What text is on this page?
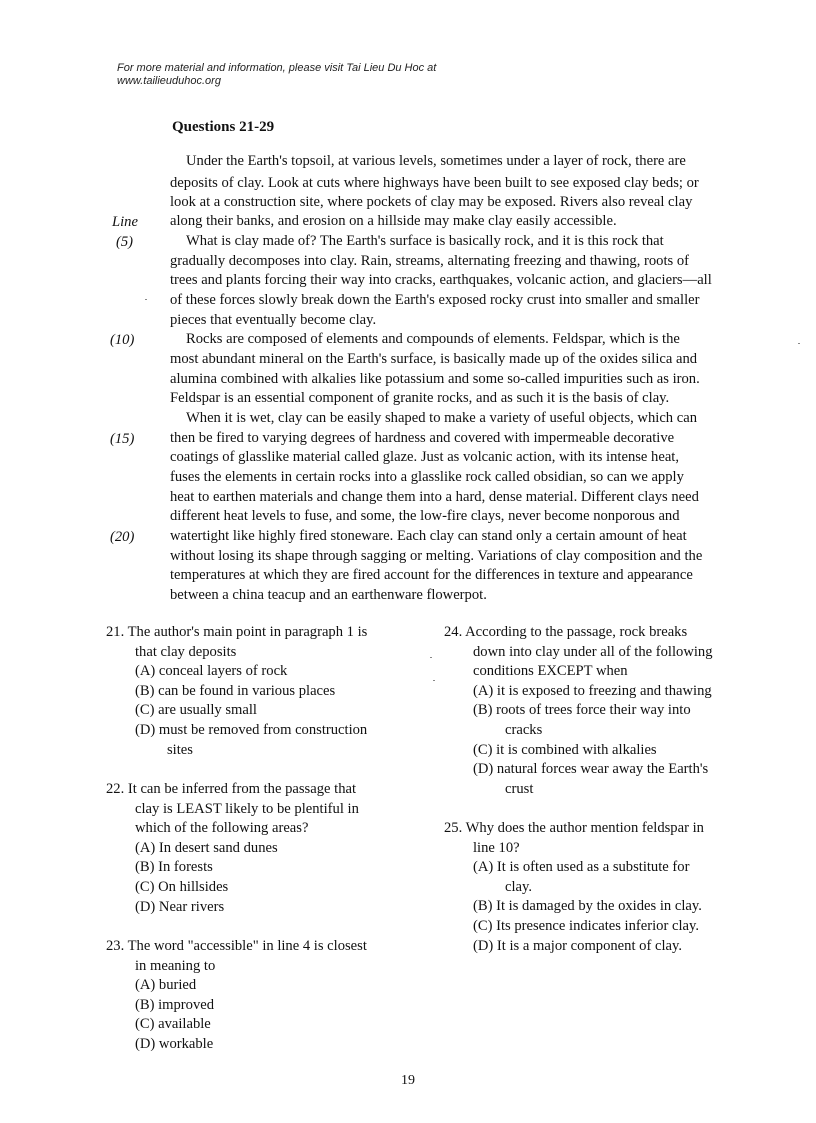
For more material and information, please visit Tai Lieu Du Hoc at
www.tailieuduhoc.org
Questions 21-29
Under the Earth's topsoil, at various levels, sometimes under a layer of rock, there are
deposits of clay. Look at cuts where highways have been built to see exposed clay beds; or
look at a construction site, where pockets of clay may be exposed. Rivers also reveal clay
along their banks, and erosion on a hillside may make clay easily accessible.
What is clay made of? The Earth's surface is basically rock, and it is this rock that
gradually decomposes into clay. Rain, streams, alternating freezing and thawing, roots of
trees and plants forcing their way into cracks, earthquakes, volcanic action, and glaciers—all
of these forces slowly break down the Earth's exposed rocky crust into smaller and smaller
pieces that eventually become clay.
Rocks are composed of elements and compounds of elements. Feldspar, which is the
most abundant mineral on the Earth's surface, is basically made up of the oxides silica and
alumina combined with alkalies like potassium and some so-called impurities such as iron.
Feldspar is an essential component of granite rocks, and as such it is the basis of clay.
When it is wet, clay can be easily shaped to make a variety of useful objects, which can
then be fired to varying degrees of hardness and covered with impermeable decorative
coatings of glasslike material called glaze. Just as volcanic action, with its intense heat,
fuses the elements in certain rocks into a glasslike rock called obsidian, so can we apply
heat to earthen materials and change them into a hard, dense material. Different clays need
different heat levels to fuse, and some, the low-fire clays, never become nonporous and
watertight like highly fired stoneware. Each clay can stand only a certain amount of heat
without losing its shape through sagging or melting. Variations of clay composition and the
temperatures at which they are fired account for the differences in texture and appearance
between a china teacup and an earthenware flowerpot.
Line
(5)
(10)
(15)
(20)
21. The author's main point in paragraph 1 is
that clay deposits
(A) conceal layers of rock
(B) can be found in various places
(C) are usually small
(D) must be removed from construction
sites
22. It can be inferred from the passage that
clay is LEAST likely to be plentiful in
which of the following areas?
(A) In desert sand dunes
(B) In forests
(C) On hillsides
(D) Near rivers
23. The word "accessible" in line 4 is closest
in meaning to
(A) buried
(B) improved
(C) available
(D) workable
24. According to the passage, rock breaks
down into clay under all of the following
conditions EXCEPT when
(A) it is exposed to freezing and thawing
(B) roots of trees force their way into
cracks
(C) it is combined with alkalies
(D) natural forces wear away the Earth's
crust
25. Why does the author mention feldspar in
line 10?
(A) It is often used as a substitute for
clay.
(B) It is damaged by the oxides in clay.
(C) Its presence indicates inferior clay.
(D) It is a major component of clay.
19
